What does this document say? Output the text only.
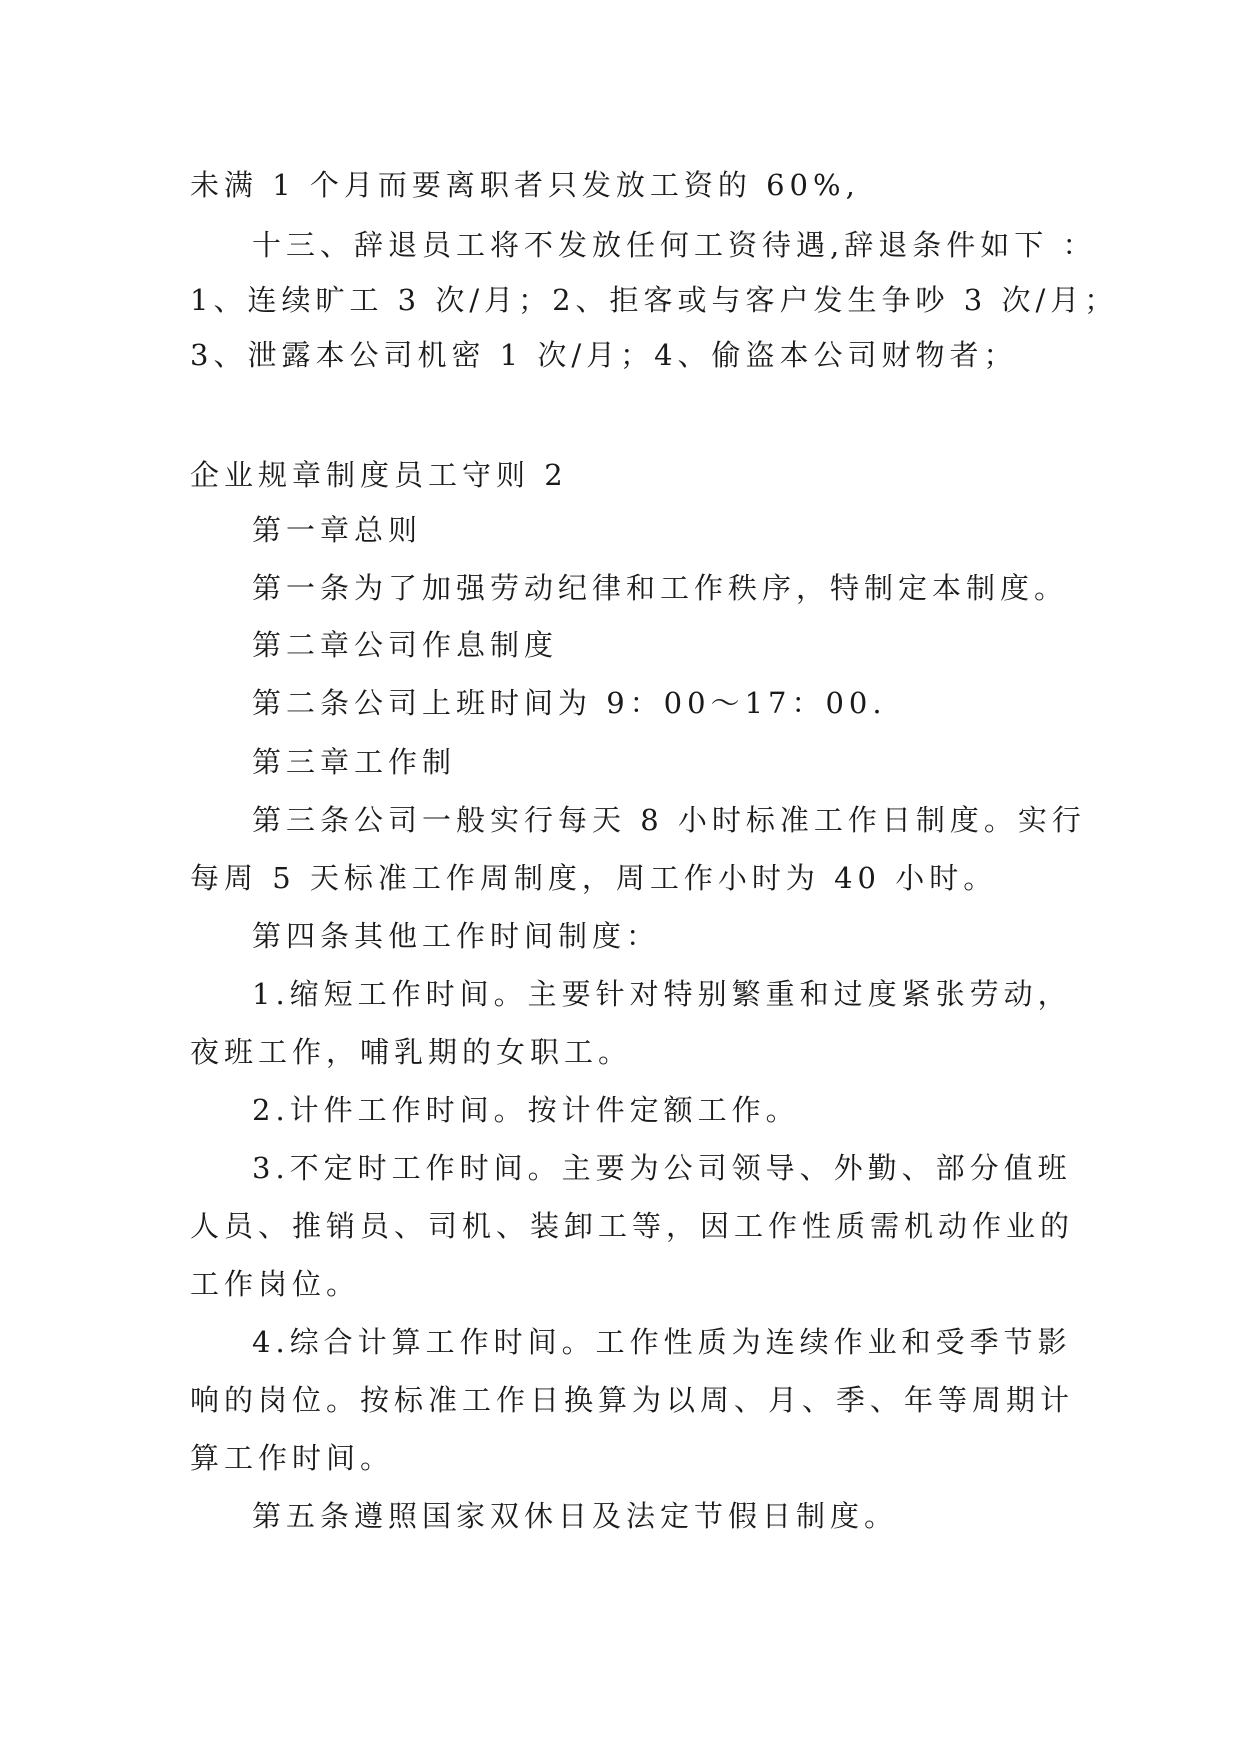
未满 1 个月而要离职者只发放工资的 60%,
十三、辞退员工将不发放任何工资待遇,辞退条件如下 ：
1、连续旷工 3 次/月；2、拒客或与客户发生争吵 3 次/月；
3、泄露本公司机密 1 次/月；4、偷盗本公司财物者；
企业规章制度员工守则 2
第一章总则
第一条为了加强劳动纪律和工作秩序，特制定本制度。
第二章公司作息制度
第二条公司上班时间为 9：00～17：00.
第三章工作制
第三条公司一般实行每天 8 小时标准工作日制度。实行
每周 5 天标准工作周制度，周工作小时为 40 小时。
第四条其他工作时间制度：
1.缩短工作时间。主要针对特别繁重和过度紧张劳动，
夜班工作，哺乳期的女职工。
2.计件工作时间。按计件定额工作。
3.不定时工作时间。主要为公司领导、外勤、部分值班
人员、推销员、司机、装卸工等，因工作性质需机动作业的
工作岗位。
4.综合计算工作时间。工作性质为连续作业和受季节影
响的岗位。按标准工作日换算为以周、月、季、年等周期计
算工作时间。
第五条遵照国家双休日及法定节假日制度。
